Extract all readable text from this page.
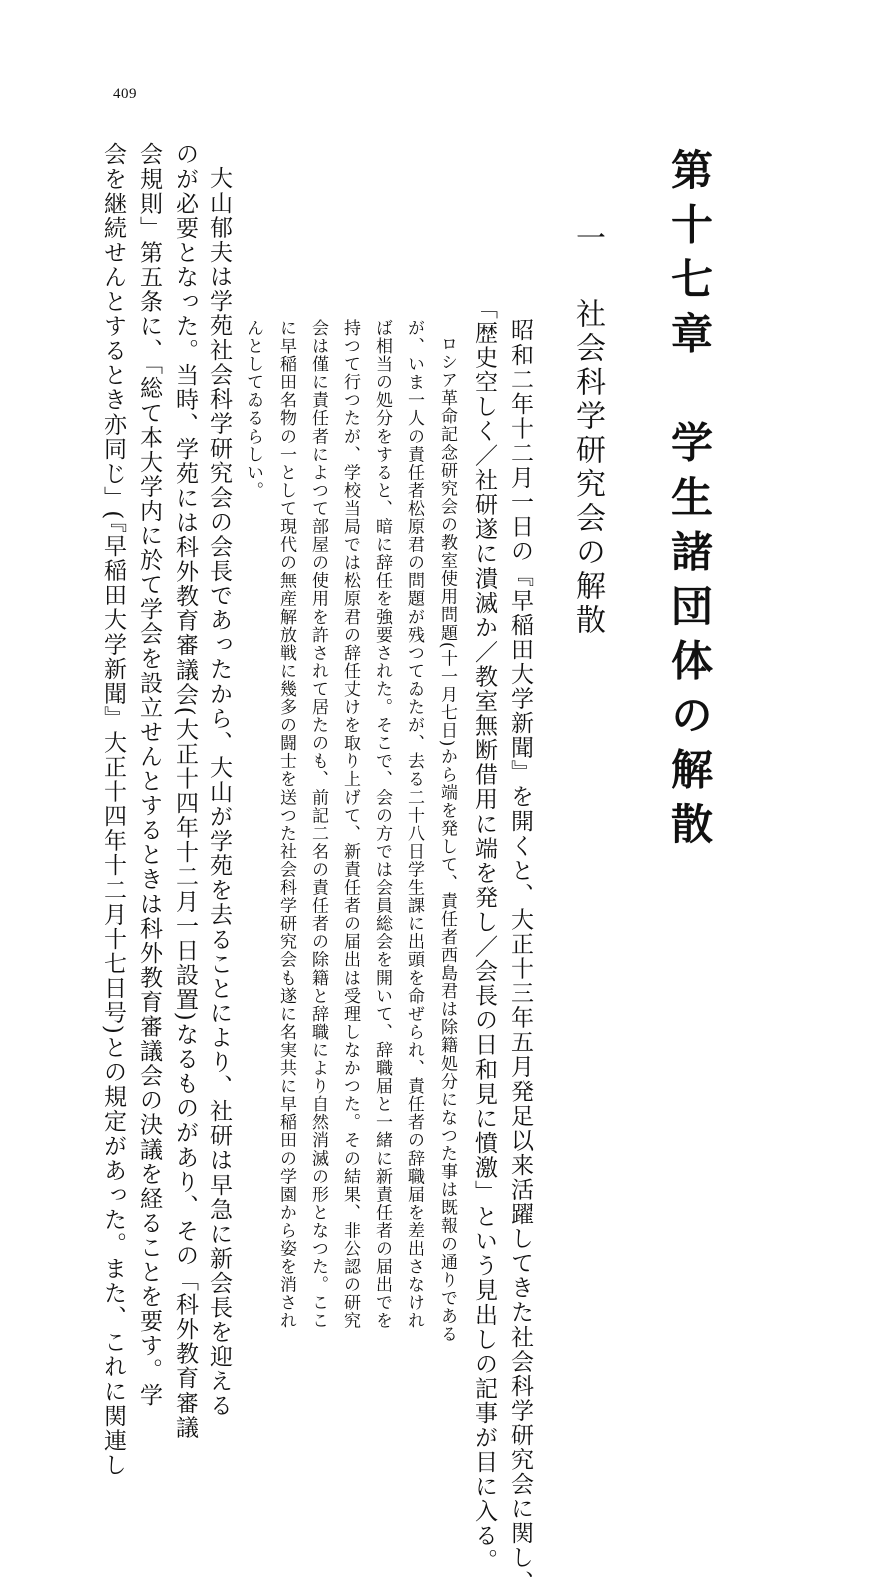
409
第十七章　学生諸団体の解散
一社会科学研究会の解散
昭和二年十二月一日の『早稲田大学新聞』を開くと、大正十三年五月発足以来活躍してきた社会科学研究会に関し、
「歴史空しく／社研遂に潰滅か／教室無断借用に端を発し／会長の日和見に憤激」という見出しの記事が目に入る。
ロシア革命記念研究会の教室使用問題(十一月七日)から端を発して、責任者西島君は除籍処分になつた事は既報の通りである
が、いま一人の責任者松原君の問題が残つてゐたが、去る二十八日学生課に出頭を命ぜられ、責任者の辞職届を差出さなけれ
ば相当の処分をすると、暗に辞任を強要された。そこで、会の方では会員総会を開いて、辞職届と一緒に新責任者の届出でを
持つて行つたが、学校当局では松原君の辞任丈けを取り上げて、新責任者の届出は受理しなかつた。その結果、非公認の研究
会は僅に責任者によつて部屋の使用を許されて居たのも、前記二名の責任者の除籍と辞職により自然消滅の形となつた。ここ
に早稲田名物の一として現代の無産解放戦に幾多の闘士を送つた社会科学研究会も遂に名実共に早稲田の学園から姿を消され
んとしてゐるらしい。
大山郁夫は学苑社会科学研究会の会長であったから、大山が学苑を去ることにより、社研は早急に新会長を迎える
のが必要となった。当時、学苑には科外教育審議会(大正十四年十二月一日設置)なるものがあり、その「科外教育審議
会規則」第五条に、「総て本大学内に於て学会を設立せんとするときは科外教育審議会の決議を経ることを要す。学
会を継続せんとするとき亦同じ」(『早稲田大学新聞』大正十四年十二月十七日号)との規定があった。また、これに関連し
